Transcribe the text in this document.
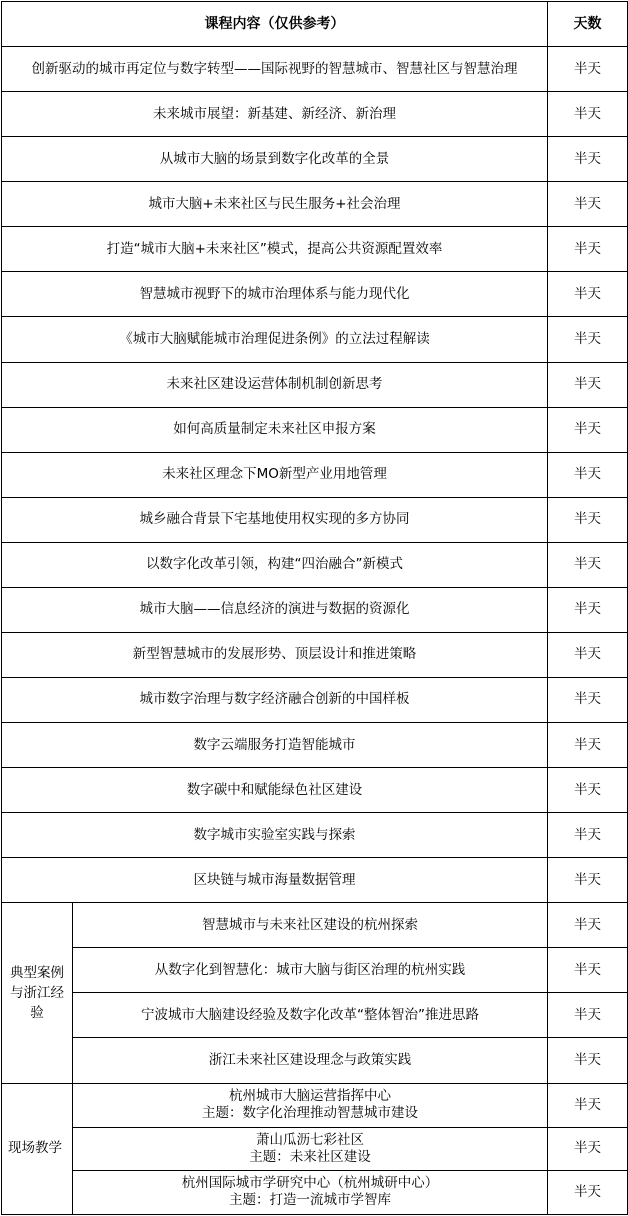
课程内容（仅供参考）		天数
创新驱动的城市再定位与数字转型——国际视野的智慧城市、智慧社区与智慧治理		半天
未来城市展望：新基建、新经济、新治理		半天
从城市大脑的场景到数字化改革的全景		半天
城市大脑+未来社区与民生服务+社会治理		半天
打造“城市大脑+未来社区”模式，提高公共资源配置效率		半天
智慧城市视野下的城市治理体系与能力现代化		半天
《城市大脑赋能城市治理促进条例》的立法过程解读		半天
未来社区建设运营体制机制创新思考		半天
如何高质量制定未来社区申报方案		半天
未来社区理念下MO新型产业用地管理		半天
城乡融合背景下宅基地使用权实现的多方协同		半天
以数字化改革引领，构建“四治融合”新模式		半天
城市大脑——信息经济的演进与数据的资源化		半天
新型智慧城市的发展形势、顶层设计和推进策略		半天
城市数字治理与数字经济融合创新的中国样板		半天
数字云端服务打造智能城市		半天
数字碳中和赋能绿色社区建设		半天
数字城市实验室实践与探索		半天
区块链与城市海量数据管理		半天
典型案例与浙江经验	智慧城市与未来社区建设的杭州探索	半天
	从数字化到智慧化：城市大脑与街区治理的杭州实践	半天
	宁波城市大脑建设经验及数字化改革“整体智治”推进思路	半天
	浙江未来社区建设理念与政策实践	半天
现场教学	杭州城市大脑运营指挥中心
主题：数字化治理推动智慧城市建设	半天

	萧山瓜沥七彩社区
主题：未来社区建设	半天

	杭州国际城市学研究中心（杭州城研中心）
主题：打造一流城市学智库	半天
